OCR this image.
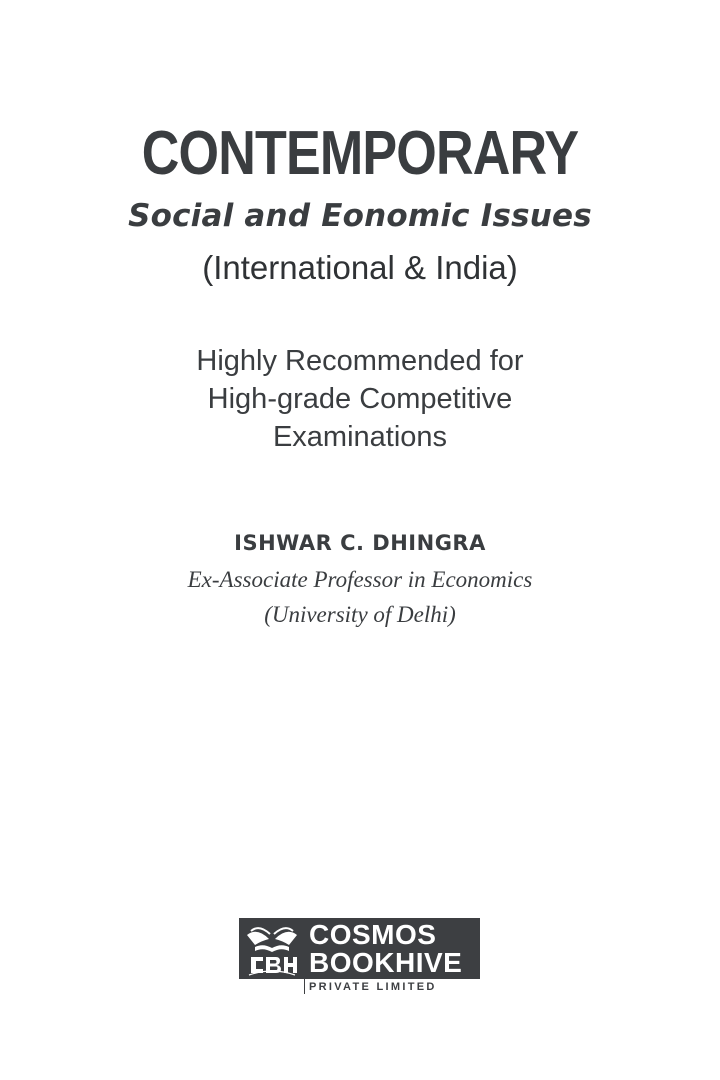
CONTEMPORARY
Social and Eonomic Issues
(International & India)
Highly Recommended for
High-grade Competitive
Examinations
ISHWAR C. DHINGRA
Ex-Associate Professor in Economics
(University of Delhi)
COSMOS
BOOKHIVE
PRIVATE LIMITED
